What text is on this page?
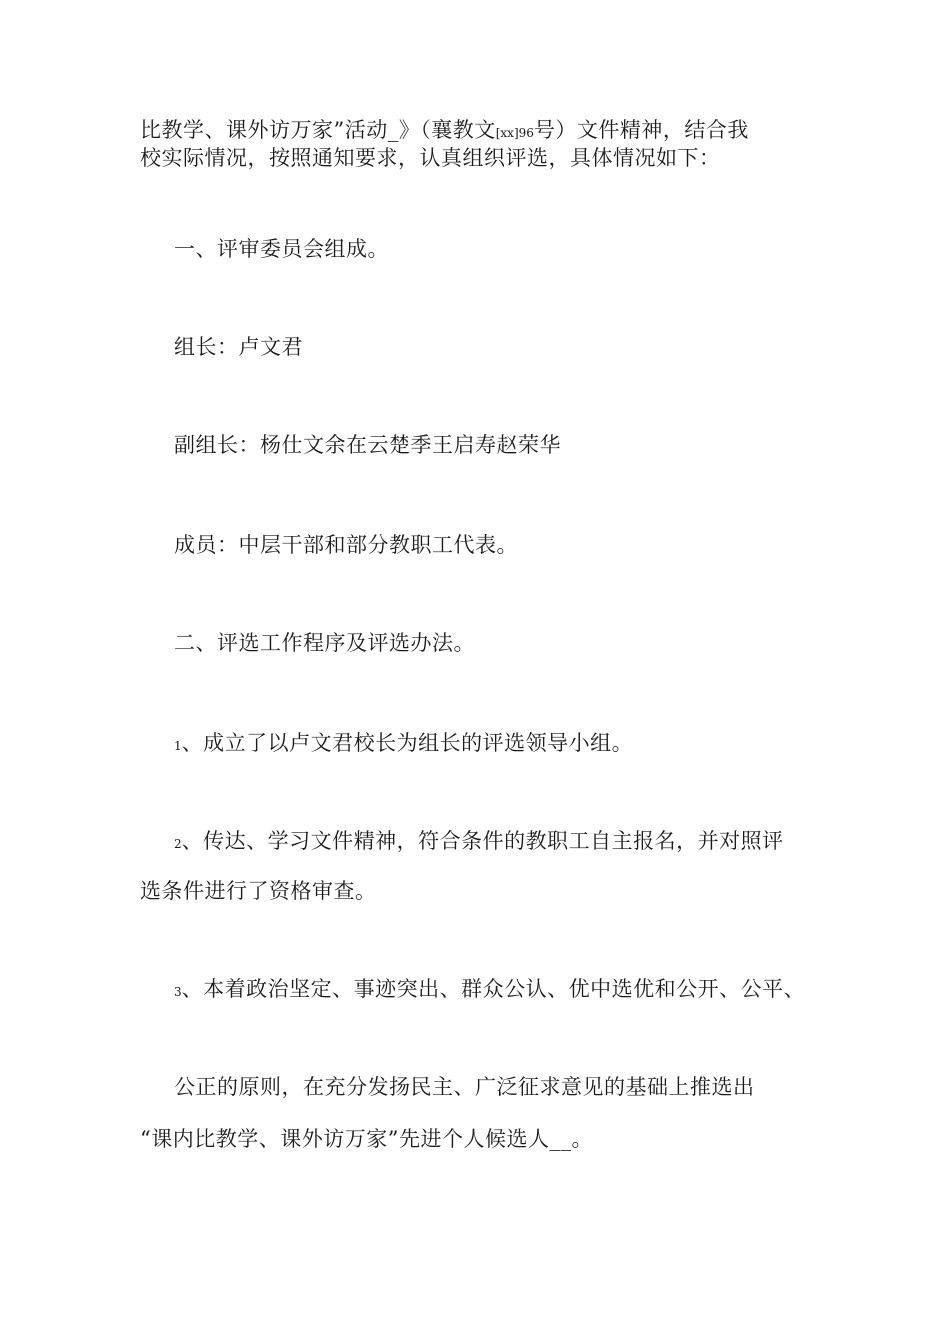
比教学、课外访万家”活动_》（襄教文[xx]96号）文件精神，结合我

校实际情况，按照通知要求，认真组织评选，具体情况如下：

一、评审委员会组成。

组长：卢文君

副组长：杨仕文余在云楚季王启寿赵荣华

成员：中层干部和部分教职工代表。

二、评选工作程序及评选办法。

1、成立了以卢文君校长为组长的评选领导小组。

2、传达、学习文件精神，符合条件的教职工自主报名，并对照评

选条件进行了资格审查。

3、本着政治坚定、事迹突出、群众公认、优中选优和公开、公平、

公正的原则，在充分发扬民主、广泛征求意见的基础上推选出

“课内比教学、课外访万家”先进个人候选人__。
